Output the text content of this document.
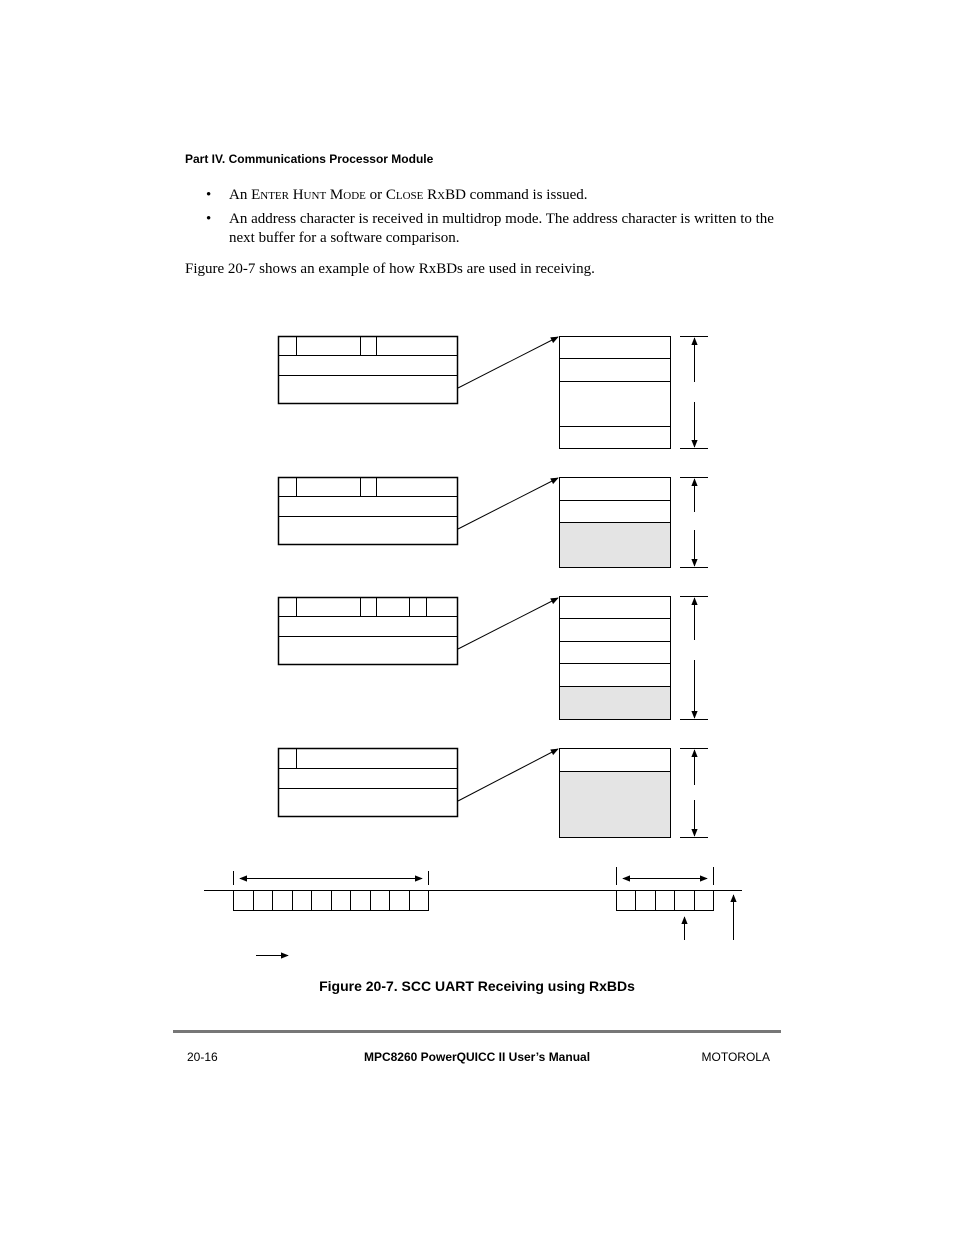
Part IV. Communications Processor Module
• An Enter Hunt Mode or Close RxBD command is issued.
• An address character is received in multidrop mode. The address character is written to the next buffer for a software comparison.
Figure 20-7 shows an example of how RxBDs are used in receiving.
Figure 20-7. SCC UART Receiving using RxBDs
20-16	MPC8260 PowerQUICC II User’s Manual	MOTOROLA
